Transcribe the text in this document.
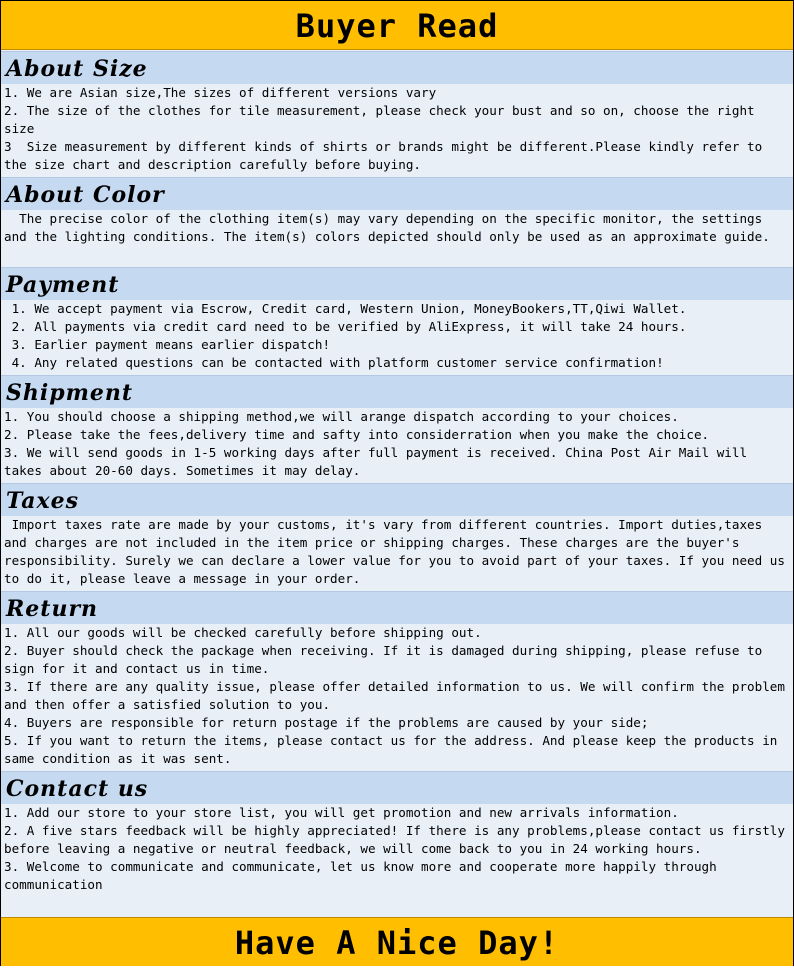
Buyer Read
About Size
1. We are Asian size,The sizes of different versions vary
2. The size of the clothes for tile measurement, please check your bust and so on, choose the right size
3  Size measurement by different kinds of shirts or brands might be different.Please kindly refer to the size chart and description carefully before buying.
About Color
The precise color of the clothing item(s) may vary depending on the specific monitor, the settings and the lighting conditions. The item(s) colors depicted should only be used as an approximate guide.
Payment
1. We accept payment via Escrow, Credit card, Western Union, MoneyBookers,TT,Qiwi Wallet.
2. All payments via credit card need to be verified by AliExpress, it will take 24 hours.
3. Earlier payment means earlier dispatch!
4. Any related questions can be contacted with platform customer service confirmation!
Shipment
1. You should choose a shipping method,we will arange dispatch according to your choices.
2. Please take the fees,delivery time and safty into considerration when you make the choice.
3. We will send goods in 1-5 working days after full payment is received. China Post Air Mail will takes about 20-60 days. Sometimes it may delay.
Taxes
Import taxes rate are made by your customs, it's vary from different countries. Import duties,taxes and charges are not included in the item price or shipping charges. These charges are the buyer's responsibility. Surely we can declare a lower value for you to avoid part of your taxes. If you need us to do it, please leave a message in your order.
Return
1. All our goods will be checked carefully before shipping out.
2. Buyer should check the package when receiving. If it is damaged during shipping, please refuse to sign for it and contact us in time.
3. If there are any quality issue, please offer detailed information to us. We will confirm the problem and then offer a satisfied solution to you.
4. Buyers are responsible for return postage if the problems are caused by your side;
5. If you want to return the items, please contact us for the address. And please keep the products in same condition as it was sent.
Contact us
1. Add our store to your store list, you will get promotion and new arrivals information.
2. A five stars feedback will be highly appreciated! If there is any problems,please contact us firstly before leaving a negative or neutral feedback, we will come back to you in 24 working hours.
3. Welcome to communicate and communicate, let us know more and cooperate more happily through communication
Have A Nice Day!
